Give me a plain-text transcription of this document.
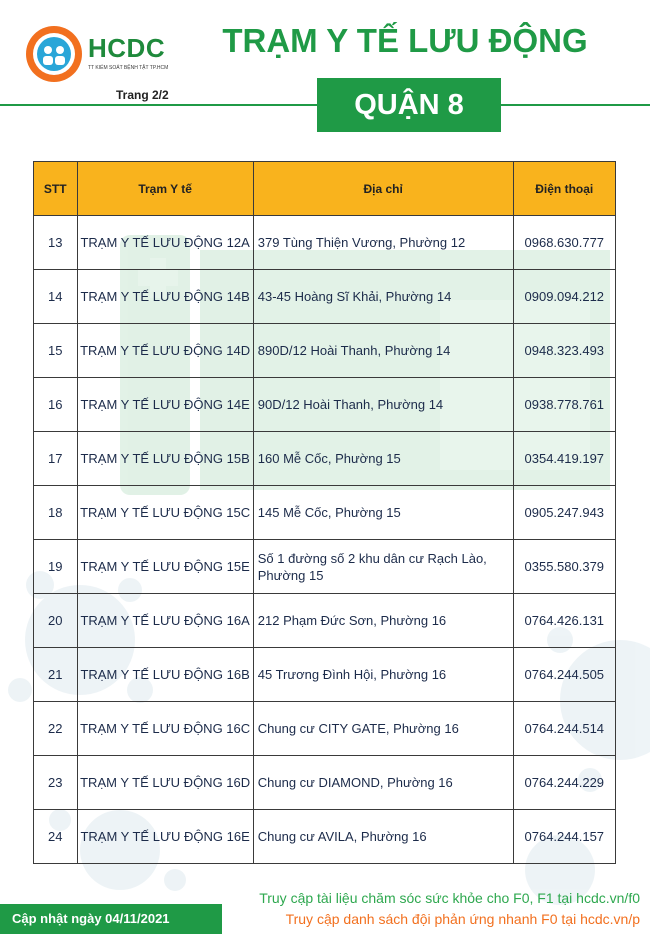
HCDC
TT KIỂM SOÁT BỆNH TẬT TP.HCM
Trang 2/2
TRẠM Y TẾ LƯU ĐỘNG
QUẬN 8
STT	Trạm Y tế	Địa chỉ	Điện thoại
13	TRẠM Y TẾ LƯU ĐỘNG 12A	379 Tùng Thiện Vương, Phường 12	0968.630.777
14	TRẠM Y TẾ LƯU ĐỘNG 14B	43-45 Hoàng Sĩ Khải, Phường 14	0909.094.212
15	TRẠM Y TẾ LƯU ĐỘNG 14D	890D/12 Hoài Thanh, Phường 14	0948.323.493
16	TRẠM Y TẾ LƯU ĐỘNG 14E	90D/12 Hoài Thanh, Phường 14	0938.778.761
17	TRẠM Y TẾ LƯU ĐỘNG 15B	160 Mễ Cốc, Phường 15	0354.419.197
18	TRẠM Y TẾ LƯU ĐỘNG 15C	145 Mễ Cốc, Phường 15	0905.247.943
19	TRẠM Y TẾ LƯU ĐỘNG 15E	Số 1 đường số 2 khu dân cư Rạch Lào, Phường 15	0355.580.379
20	TRẠM Y TẾ LƯU ĐỘNG 16A	212 Phạm Đức Sơn, Phường 16	0764.426.131
21	TRẠM Y TẾ LƯU ĐỘNG 16B	45 Trương Đình Hội, Phường 16	0764.244.505
22	TRẠM Y TẾ LƯU ĐỘNG 16C	Chung cư CITY GATE, Phường 16	0764.244.514
23	TRẠM Y TẾ LƯU ĐỘNG 16D	Chung cư DIAMOND, Phường 16	0764.244.229
24	TRẠM Y TẾ LƯU ĐỘNG 16E	Chung cư AVILA, Phường 16	0764.244.157
Truy cập tài liệu chăm sóc sức khỏe cho F0, F1 tại hcdc.vn/f0
Truy cập danh sách đội phản ứng nhanh F0 tại hcdc.vn/p
Cập nhật ngày 04/11/2021
